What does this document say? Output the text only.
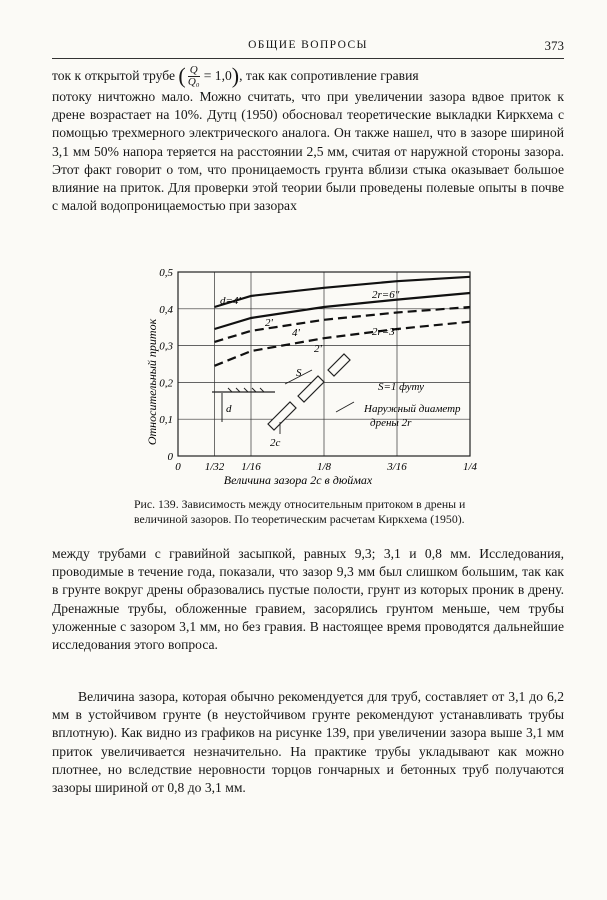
ОБЩИЕ ВОПРОСЫ	373
ток к открытой трубе
( $\frac{Q}{\text{Q₀}} = 1,0$ ) , так как сопротивление гравия
потоку ничтожно мало. Можно считать, что при увеличении зазора вдвое приток к дрене возрастает на 10%. Дутц (1950) обосновал теоретические выкладки Киркхема с помощью трехмерного электрического аналога. Он также нашел, что в зазоре шириной 3,1 мм 50% напора теряется на расстоянии 2,5 мм, считая от наружной стороны зазора. Этот факт говорит о том, что проницаемость грунта вблизи стыка оказывает большое влияние на приток. Для проверки этой теории были проведены полевые опыты в почве с малой водопроницаемостью при зазорах
0
0,1
0,2
0,3
0,4
0,5
0 1/32 1/16	1/8	3/16	1/4
Относительный приток
Величина зазора 2c в дюймах
d=4'
2'
4'
2'
2r=6"
2r=3"
d
S
2c
S=1 футу
Наружный диаметр
дрены 2r
Рис. 139. Зависимость между относительным притоком в дрены и величиной зазоров. По теоретическим расчетам Киркхема (1950).
между трубами с гравийной засыпкой, равных 9,3; 3,1 и 0,8 мм. Исследования, проводимые в течение года, показали, что зазор 9,3 мм был слишком большим, так как в грунте вокруг дрены образовались пустые полости, грунт из которых проник в дрену. Дренажные трубы, обложенные гравием, засорялись грунтом меньше, чем трубы уложенные с зазором 3,1 мм, но без гравия. В настоящее время проводятся дальнейшие исследования этого вопроса.
Величина зазора, которая обычно рекомендуется для труб, составляет от 3,1 до 6,2 мм в устойчивом грунте (в неустойчивом грунте рекомендуют устанавливать трубы вплотную). Как видно из графиков на рисунке 139, при увеличении зазора выше 3,1 мм приток увеличивается незначительно. На практике трубы укладывают как можно плотнее, но вследствие неровности торцов гончарных и бетонных труб получаются зазоры шириной от 0,8 до 3,1 мм.
